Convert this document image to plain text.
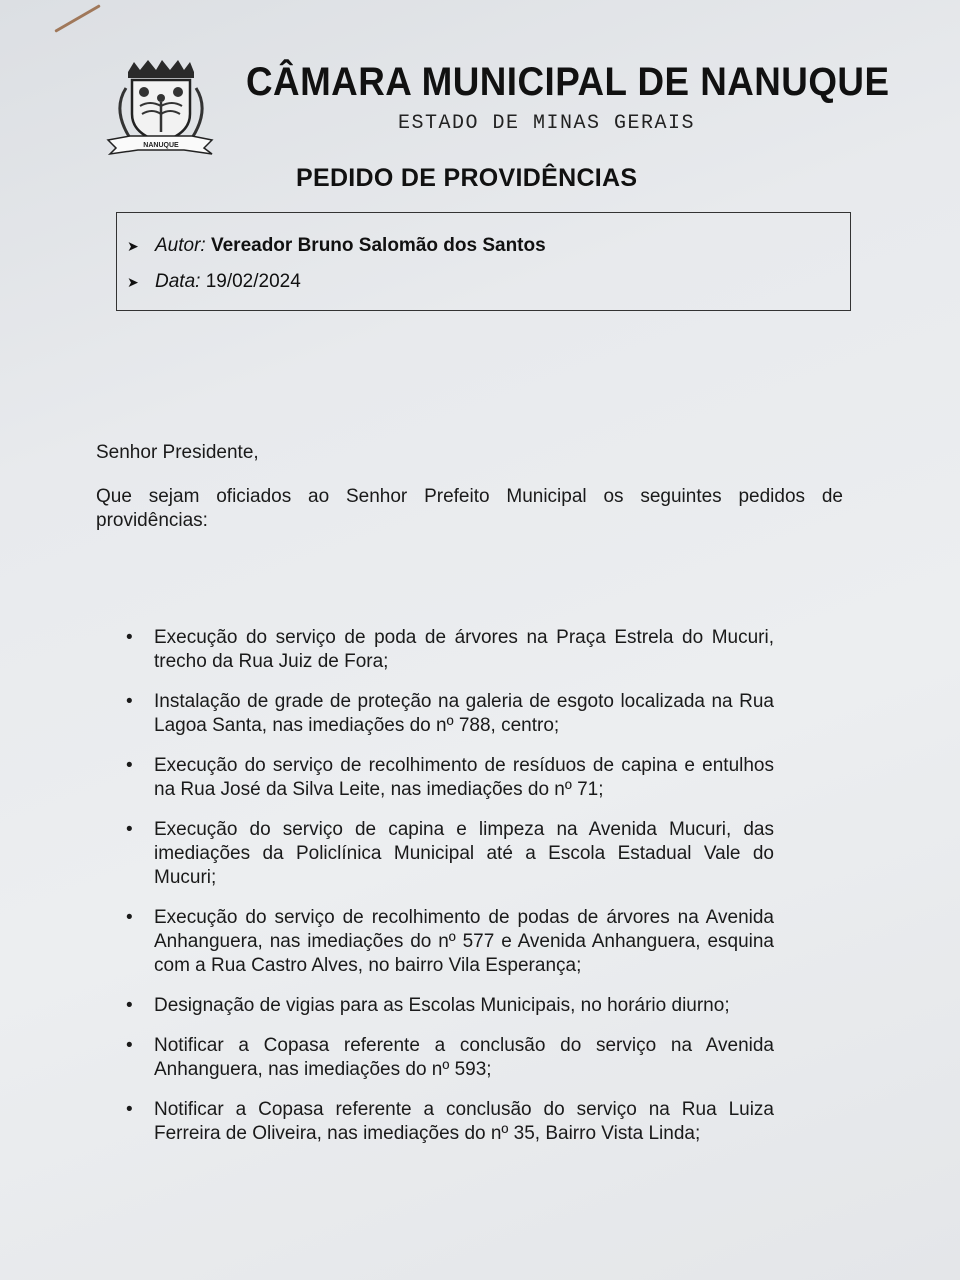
NANUQUE
CÂMARA MUNICIPAL DE NANUQUE
ESTADO DE MINAS GERAIS
PEDIDO DE PROVIDÊNCIAS
➤ Autor: Vereador Bruno Salomão dos Santos
➤ Data: 19/02/2024
Senhor Presidente,
Que sejam oficiados ao Senhor Prefeito Municipal os seguintes pedidos de providências:
• Execução do serviço de poda de árvores na Praça Estrela do Mucuri, trecho da Rua Juiz de Fora;
• Instalação de grade de proteção na galeria de esgoto localizada na Rua Lagoa Santa, nas imediações do nº 788, centro;
• Execução do serviço de recolhimento de resíduos de capina e entulhos na Rua José da Silva Leite, nas imediações do nº 71;
• Execução do serviço de capina e limpeza na Avenida Mucuri, das imediações da Policlínica Municipal até a Escola Estadual Vale do Mucuri;
• Execução do serviço de recolhimento de podas de árvores na Avenida Anhanguera, nas imediações do nº 577 e Avenida Anhanguera, esquina com a Rua Castro Alves, no bairro Vila Esperança;
• Designação de vigias para as Escolas Municipais, no horário diurno;
• Notificar a Copasa referente a conclusão do serviço na Avenida Anhanguera, nas imediações do nº 593;
• Notificar a Copasa referente a conclusão do serviço na Rua Luiza Ferreira de Oliveira, nas imediações do nº 35, Bairro Vista Linda;
